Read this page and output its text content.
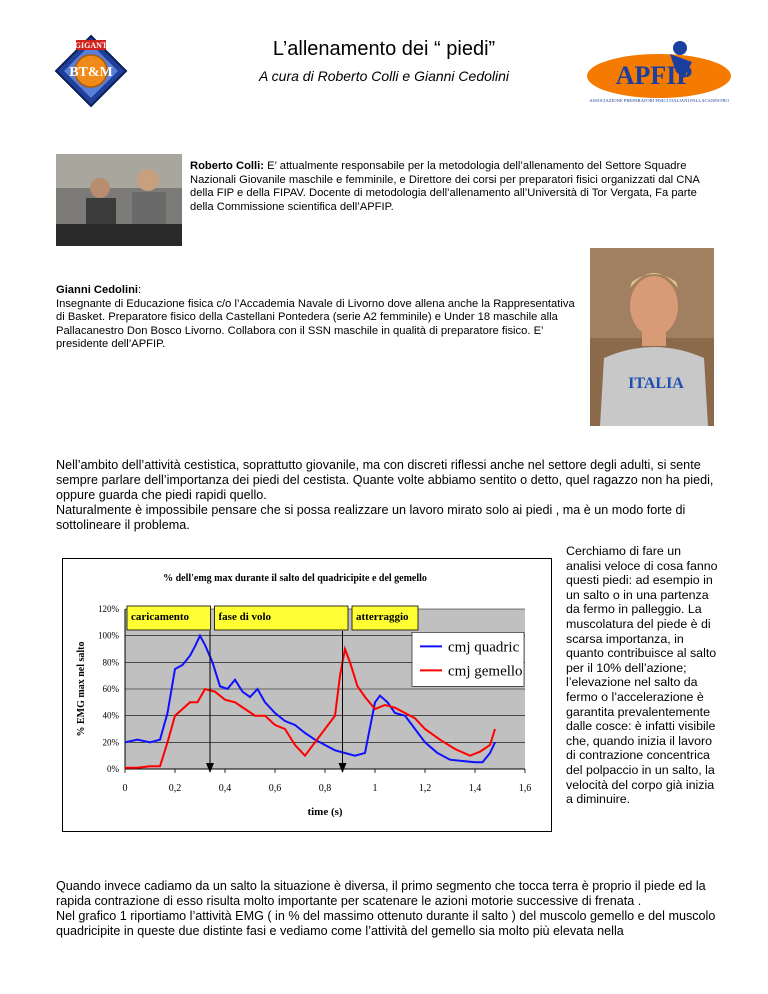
GIGANT
BT&M
L’allenamento dei “ piedi”
A cura di Roberto Colli e Gianni Cedolini	APFIP
ASSOCIAZIONE PREPARATORI FISICI ITALIANI PALLACANESTRO
Roberto Colli: E’ attualmente responsabile per la metodologia dell’allenamento del Settore Squadre Nazionali Giovanile maschile e femminile, e Direttore dei corsi per preparatori fisici organizzati dal CNA della FIP e della FIPAV. Docente di metodologia dell’allenamento all’Università di Tor Vergata, Fa parte della Commissione scientifica dell’APFIP.
Gianni Cedolini:
Insegnante di Educazione fisica c/o l’Accademia Navale di Livorno dove allena anche la Rappresentativa di Basket. Preparatore fisico della Castellani Pontedera (serie A2 femminile) e Under 18 maschile alla Pallacanestro Don Bosco Livorno. Collabora con il SSN maschile in qualità di preparatore fisico. E’ presidente dell’APFIP.
ITALIA
Nell’ambito dell’attività cestistica, soprattutto giovanile, ma con discreti riflessi anche nel settore degli adulti, si sente sempre parlare dell’importanza dei piedi del cestista. Quante volte abbiamo sentito o detto, quel ragazzo non ha piedi, oppure guarda che piedi rapidi quello.
Naturalmente è impossibile pensare che si possa realizzare un lavoro mirato solo ai piedi , ma è un modo forte di sottolineare il problema.
% dell'emg max durante il salto del quadricipite e del gemello
% EMG max nel salto
time (s)
0%
20%
40%
60%
80%
100%
120%
0	0,2	0,4	0,6	0,8	1	1,2	1,4	1,6
caricamento	fase di volo	atterraggio
cmj quadric
cmj gemello
Cerchiamo di fare un analisi veloce di cosa fanno questi piedi: ad esempio in un salto o in una partenza da fermo in palleggio. La muscolatura del piede è di scarsa importanza, in quanto contribuisce al salto per il 10% dell’azione; l’elevazione nel salto da fermo o l’accelerazione è garantita prevalentemente dalle cosce: è infatti visibile che, quando inizia il lavoro di contrazione concentrica del polpaccio in un salto, la velocità del corpo già inizia a diminuire.
Quando invece cadiamo da un salto la situazione è diversa, il primo segmento che tocca terra è proprio il piede ed la rapida contrazione di esso risulta molto importante per scatenare le azioni motorie successive di frenata .
Nel grafico 1 riportiamo l’attività EMG ( in % del massimo ottenuto durante il salto ) del muscolo gemello e del muscolo quadricipite in queste due distinte fasi e vediamo come l’attività del gemello sia molto più elevata nella
